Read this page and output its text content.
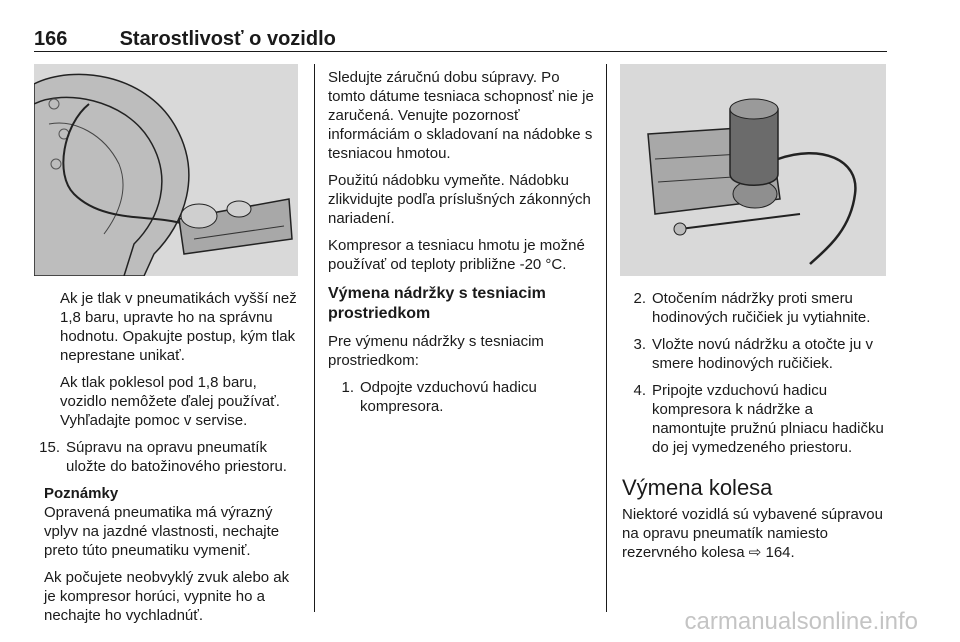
166	Starostlivosť o vozidlo

Ak je tlak v pneumatikách vyšší než 1,8 baru, upravte ho na správnu hodnotu. Opakujte postup, kým tlak neprestane unikať.

Ak tlak poklesol pod 1,8 baru, vozidlo nemôžete ďalej používať. Vyhľadajte pomoc v servise.

15. Súpravu na opravu pneumatík uložte do batožinového priestoru.
Poznámky

Opravená pneumatika má výrazný vplyv na jazdné vlastnosti, nechajte preto túto pneumatiku vymeniť.

Ak počujete neobvyklý zvuk alebo ak je kompresor horúci, vypnite ho a nechajte ho vychladnúť.

Sledujte záručnú dobu súpravy. Po tomto dátume tesniaca schopnosť nie je zaručená. Venujte pozornosť informáciám o skladovaní na nádobke s tesniacou hmotou.

Použitú nádobku vymeňte. Nádobku zlikvidujte podľa príslušných zákonných nariadení.

Kompresor a tesniacu hmotu je možné používať od teploty približne -20 °C.

Výmena nádržky s tesniacim prostriedkom

Pre výmenu nádržky s tesniacim prostriedkom:

1. Odpojte vzduchovú hadicu kompresora.
2. Otočením nádržky proti smeru hodinových ručičiek ju vytiahnite.
3. Vložte novú nádržku a otočte ju v smere hodinových ručičiek.
4. Pripojte vzduchovú hadicu kompresora k nádržke a namontujte pružnú plniacu hadičku do jej vymedzeného priestoru.
Výmena kolesa

Niektoré vozidlá sú vybavené súpravou na opravu pneumatík namiesto rezervného kolesa ⇨ 164.

carmanualsonline.info
